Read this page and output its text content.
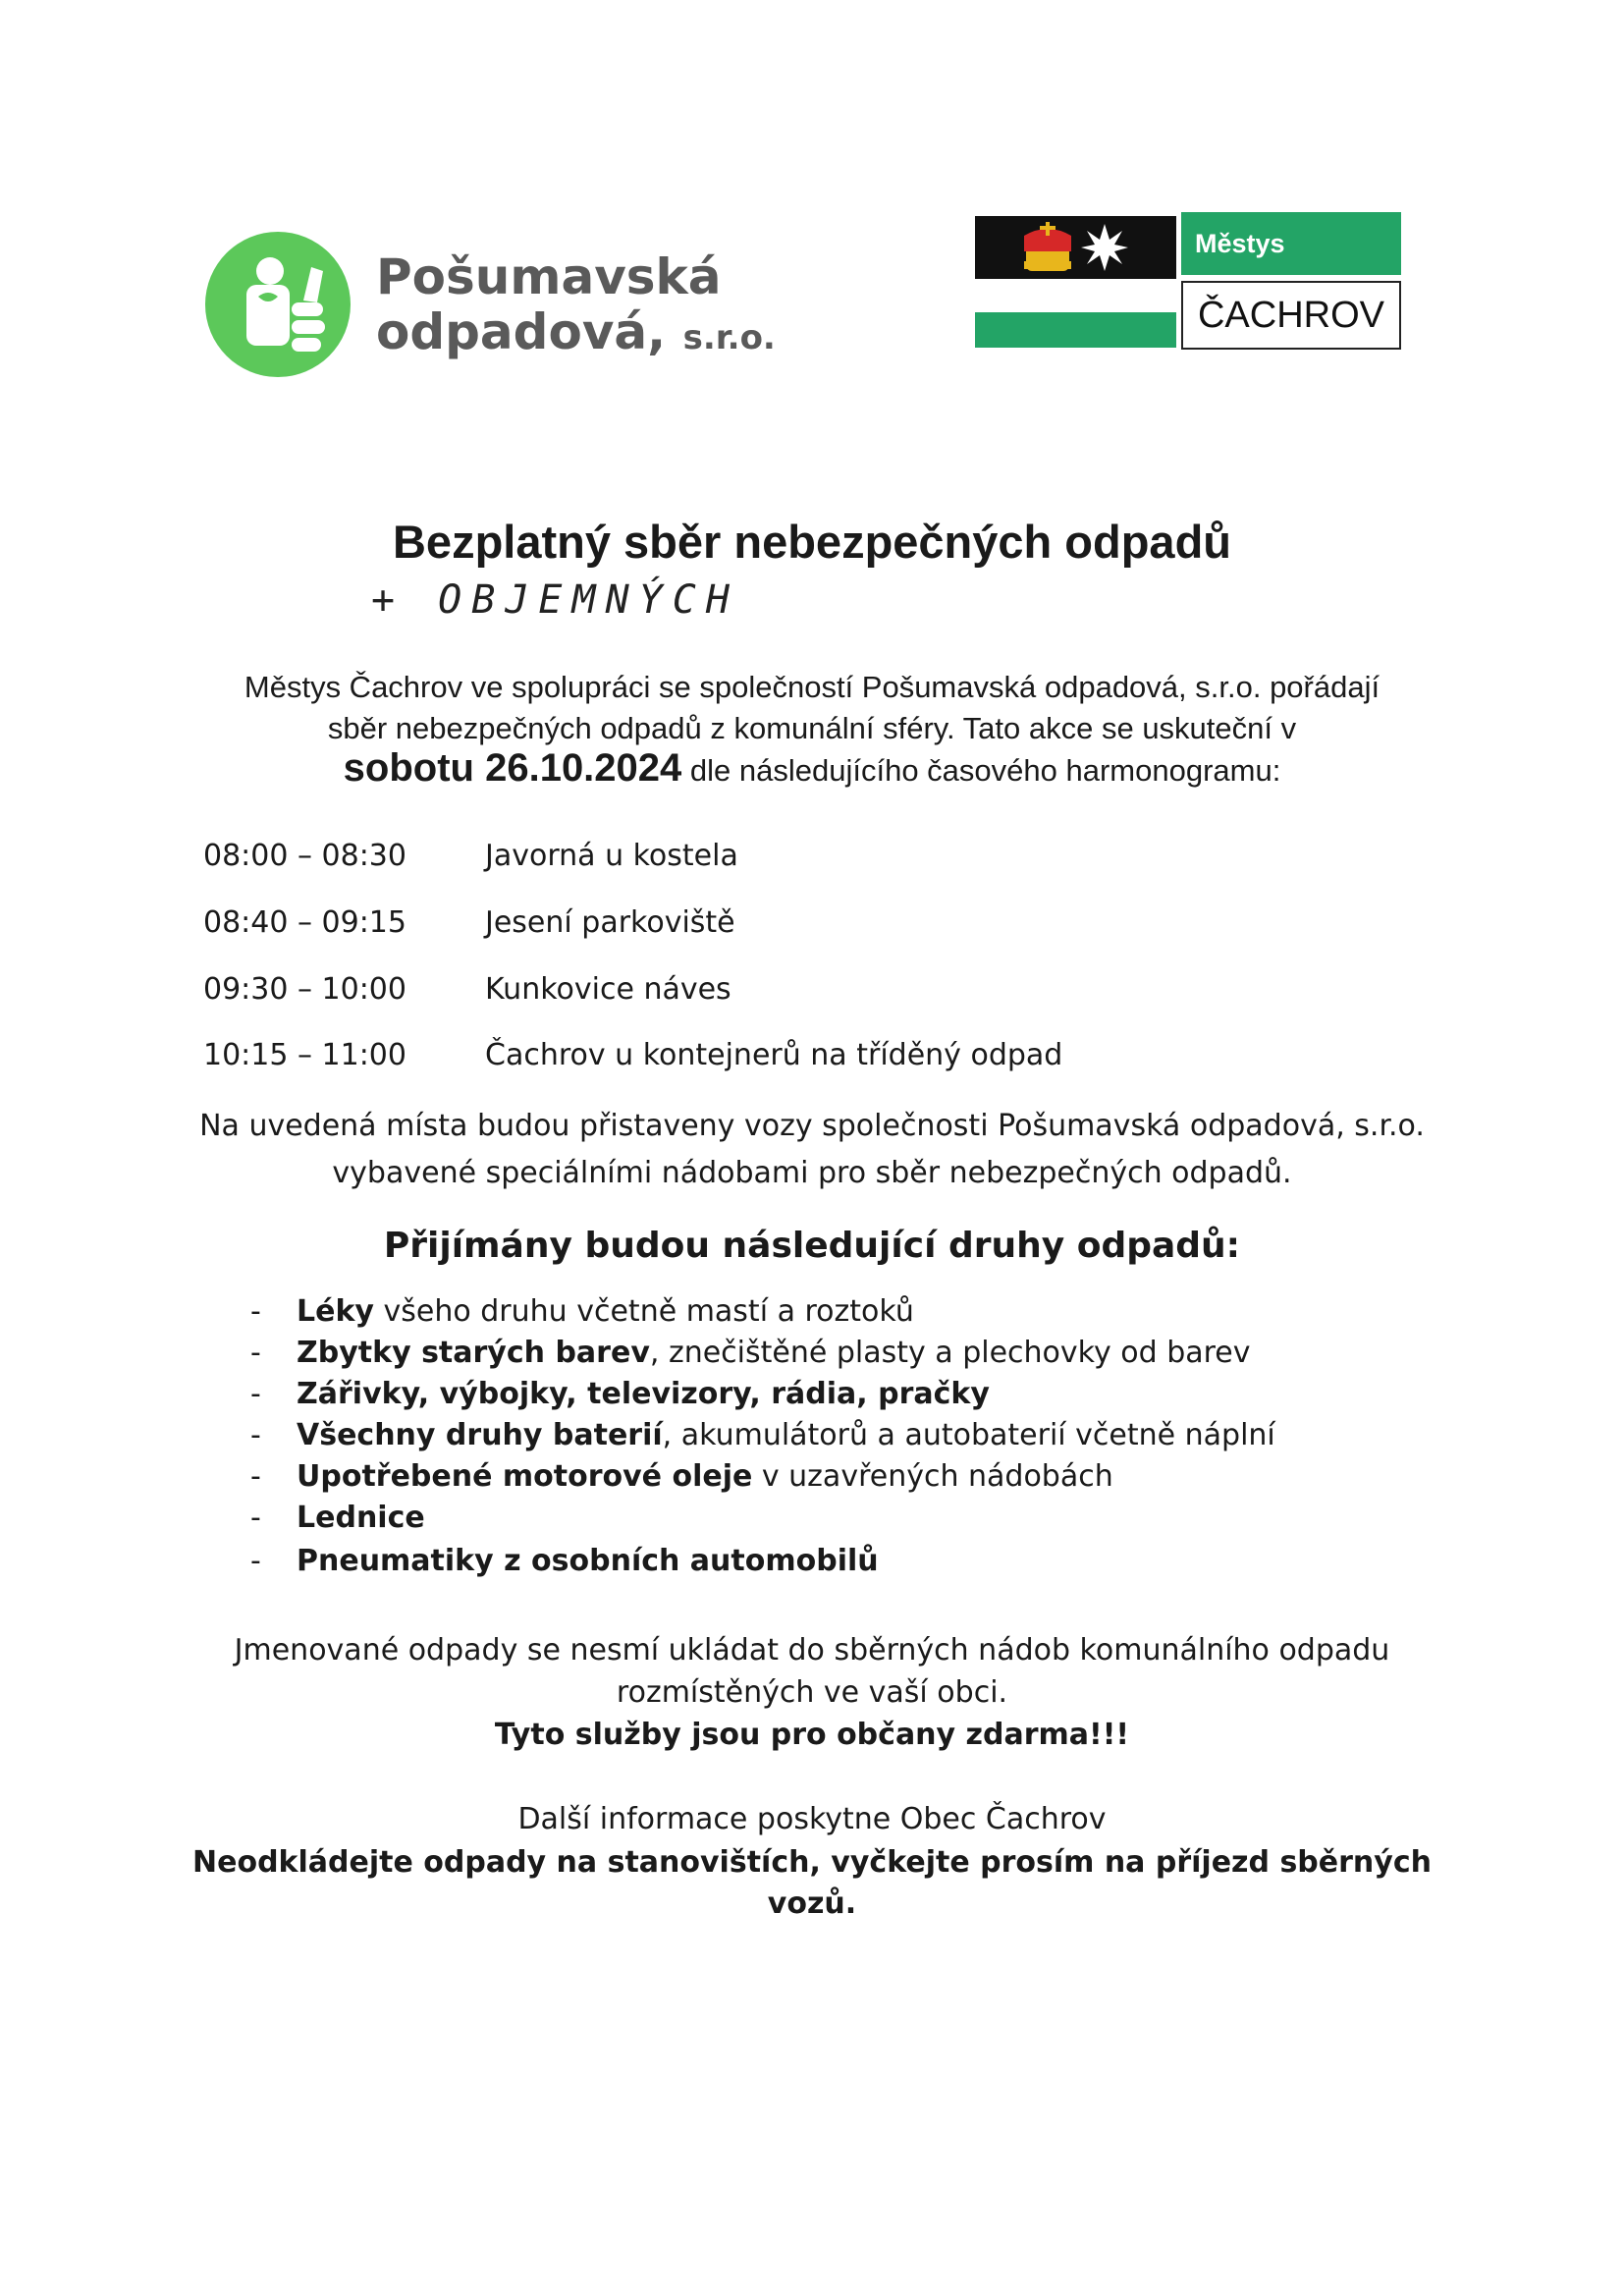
Pošumavská
odpadová, s.r.o.
Městys
ČACHROV
Bezplatný sběr nebezpečných odpadů
+ OBJEMNÝCH
Městys Čachrov ve spolupráci se společností Pošumavská odpadová, s.r.o. pořádají
sběr nebezpečných odpadů z komunální sféry. Tato akce se uskuteční v
sobotu 26.10.2024 dle následujícího časového harmonogramu:
08:00 – 08:30	Javorná u kostela
08:40 – 09:15	Jesení parkoviště
09:30 – 10:00	Kunkovice náves
10:15 – 11:00	Čachrov u kontejnerů na tříděný odpad
Na uvedená místa budou přistaveny vozy společnosti Pošumavská odpadová, s.r.o.
vybavené speciálními nádobami pro sběr nebezpečných odpadů.
Přijímány budou následující druhy odpadů:
- Léky všeho druhu včetně mastí a roztoků
- Zbytky starých barev, znečištěné plasty a plechovky od barev
- Zářivky, výbojky, televizory, rádia, pračky
- Všechny druhy baterií, akumulátorů a autobaterií včetně náplní
- Upotřebené motorové oleje v uzavřených nádobách
- Lednice
- Pneumatiky z osobních automobilů
Jmenované odpady se nesmí ukládat do sběrných nádob komunálního odpadu
rozmístěných ve vaší obci.
Tyto služby jsou pro občany zdarma!!!
Další informace poskytne Obec Čachrov
Neodkládejte odpady na stanovištích, vyčkejte prosím na příjezd sběrných
vozů.
